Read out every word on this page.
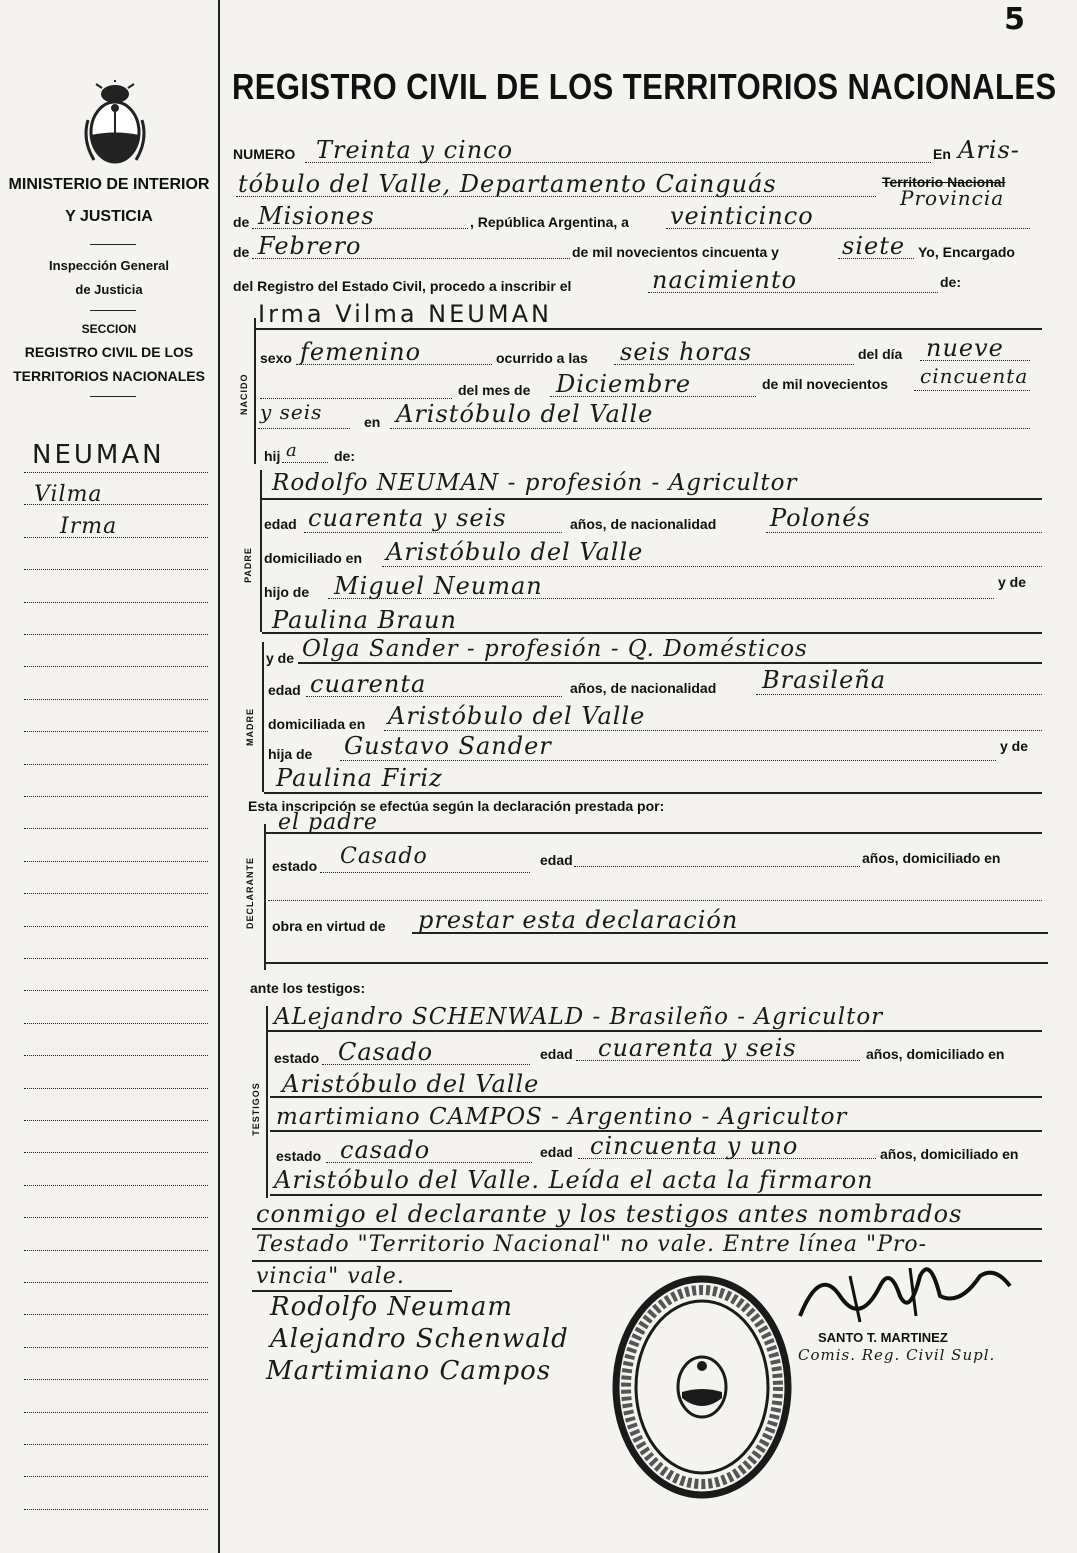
5
MINISTERIO DE INTERIOR
Y JUSTICIA
Inspección General
de Justicia
SECCION
REGISTRO CIVIL DE LOS
TERRITORIOS NACIONALES
NEUMAN
Vilma
Irma
REGISTRO CIVIL DE LOS TERRITORIOS NACIONALES
NUMERO Treinta y cinco	En Aris-
tóbulo del Valle, Departamento Cainguás	Territorio Nacional
Provincia
de Misiones	, República Argentina, a veinticinco
de Febrero	de mil novecientos cincuenta y	siete Yo, Encargado
del Registro del Estado Civil, procedo a inscribir el	nacimiento	de:
NACIDO
Irma Vilma NEUMAN
sexo femenino	ocurrido a las seis horas	del día nueve
del mes de Diciembre	de mil novecientos cincuenta
y seis	en Aristóbulo del Valle
hij a	de:
PADRE
Rodolfo NEUMAN - profesión - Agricultor
edad cuarenta y seis	años, de nacionalidad Polonés
domiciliado en Aristóbulo del Valle
hijo de Miguel Neuman	y de
Paulina Braun
MADRE
y de Olga Sander - profesión - Q. Domésticos
edad cuarenta	años, de nacionalidad Brasileña
domiciliada en Aristóbulo del Valle
hija de Gustavo Sander	y de
Paulina Firiz
Esta inscripción se efectúa según la declaración prestada por:
DECLARANTE
el padre
estado Casado	edad	años, domiciliado en
obra en virtud de prestar esta declaración
ante los testigos:
TESTIGOS
ALejandro SCHENWALD - Brasileño - Agricultor
estado Casado	edad cuarenta y seis	años, domiciliado en
Aristóbulo del Valle
martimiano CAMPOS - Argentino - Agricultor
estado casado	edad cincuenta y uno	años, domiciliado en
Aristóbulo del Valle. Leída el acta la firmaron
conmigo el declarante y los testigos antes nombrados
Testado "Territorio Nacional" no vale. Entre línea "Pro-
vincia" vale.
Rodolfo Neumam
Alejandro Schenwald
Martimiano Campos
SANTO T. MARTINEZ
Comis. Reg. Civil Supl.
